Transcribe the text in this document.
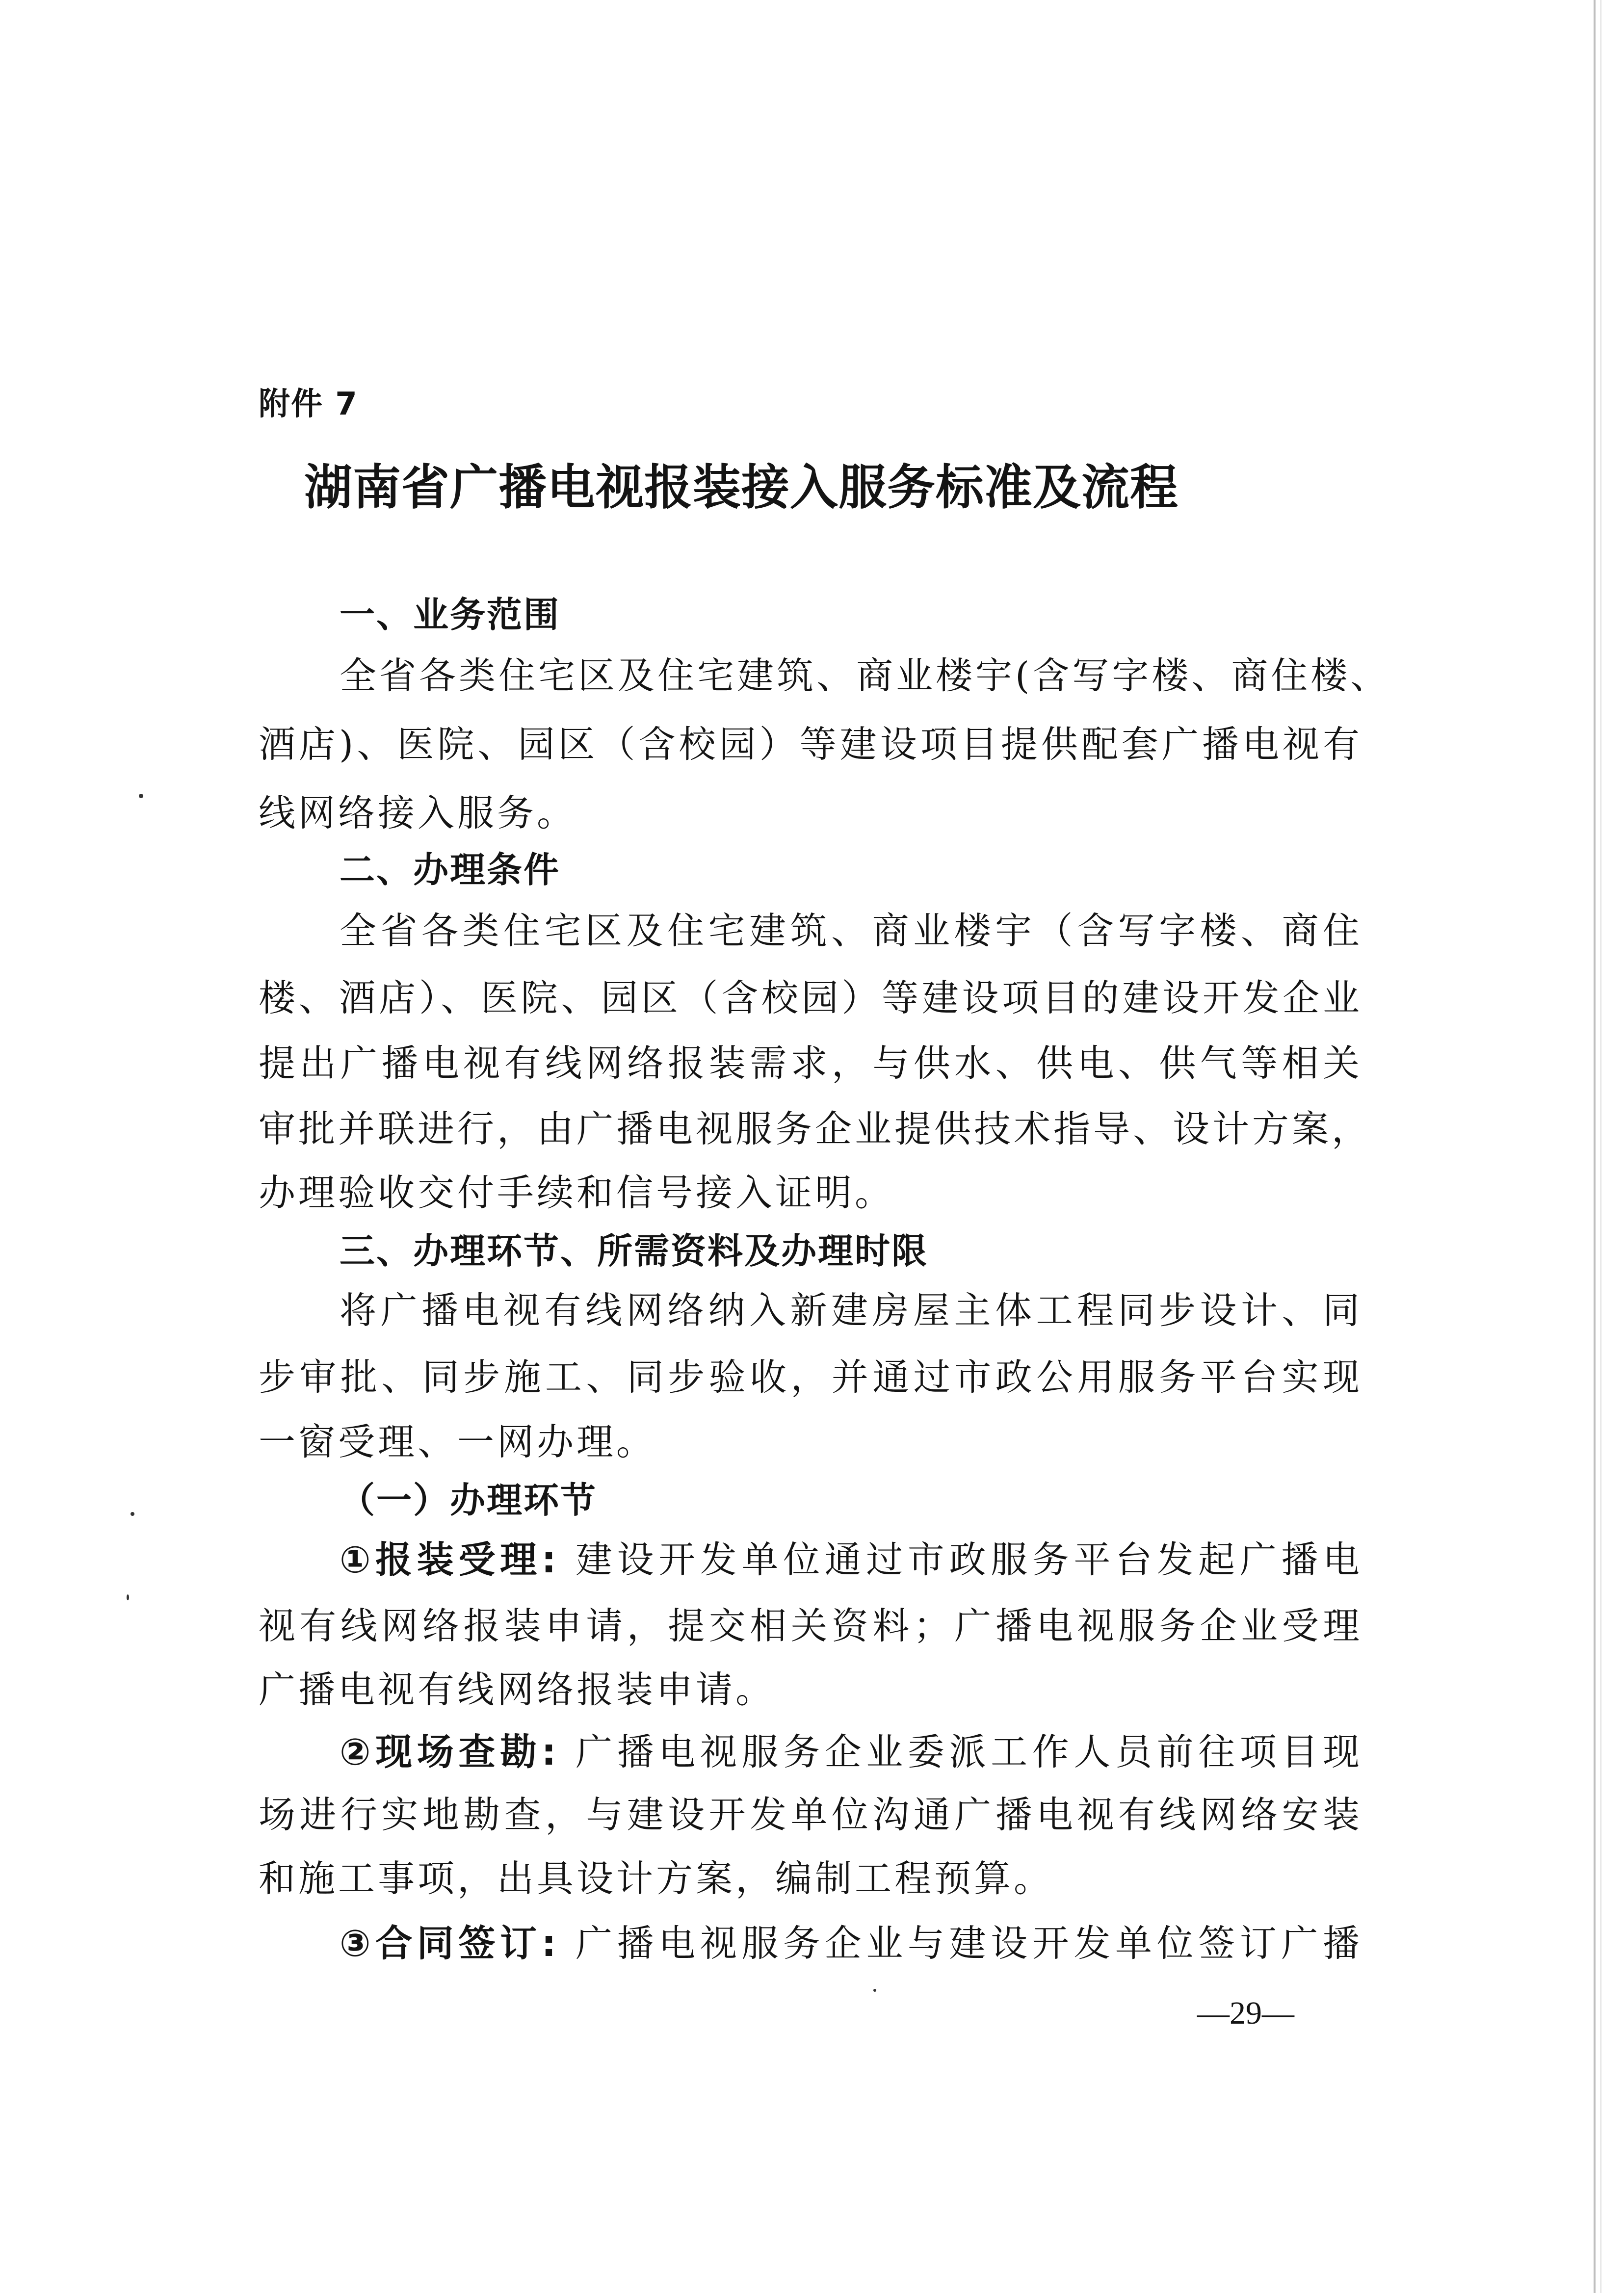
附件 7
湖南省广播电视报装接入服务标准及流程
一、业务范围
全省各类住宅区及住宅建筑、商业楼宇(含写字楼、商住楼、
酒店)、医院、园区（含校园）等建设项目提供配套广播电视有
线网络接入服务。
二、办理条件
全省各类住宅区及住宅建筑、商业楼宇（含写字楼、商住
楼、酒店）、医院、园区（含校园）等建设项目的建设开发企业
提出广播电视有线网络报装需求，与供水、供电、供气等相关
审批并联进行，由广播电视服务企业提供技术指导、设计方案，
办理验收交付手续和信号接入证明。
三、办理环节、所需资料及办理时限
将广播电视有线网络纳入新建房屋主体工程同步设计、同
步审批、同步施工、同步验收，并通过市政公用服务平台实现
一窗受理、一网办理。
（一）办理环节
①报装受理: 建设开发单位通过市政服务平台发起广播电
视有线网络报装申请，提交相关资料；广播电视服务企业受理
广播电视有线网络报装申请。
②现场查勘: 广播电视服务企业委派工作人员前往项目现
场进行实地勘查，与建设开发单位沟通广播电视有线网络安装
和施工事项，出具设计方案，编制工程预算。
③合同签订: 广播电视服务企业与建设开发单位签订广播
—29—
